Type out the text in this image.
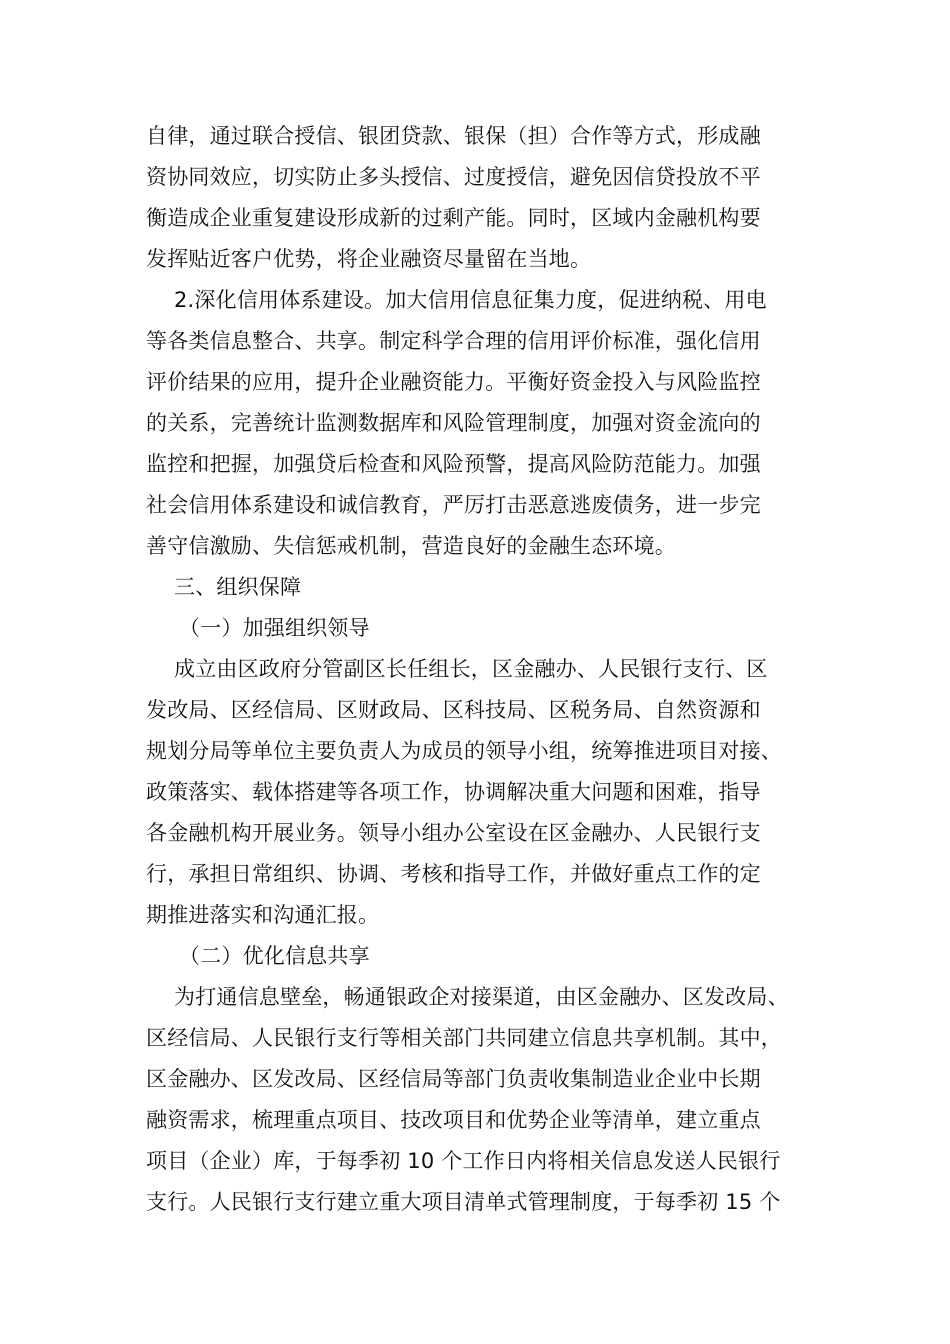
自律，通过联合授信、银团贷款、银保（担）合作等方式，形成融
资协同效应，切实防止多头授信、过度授信，避免因信贷投放不平
衡造成企业重复建设形成新的过剩产能。同时，区域内金融机构要
发挥贴近客户优势，将企业融资尽量留在当地。
2.深化信用体系建设。加大信用信息征集力度，促进纳税、用电
等各类信息整合、共享。制定科学合理的信用评价标准，强化信用
评价结果的应用，提升企业融资能力。平衡好资金投入与风险监控
的关系，完善统计监测数据库和风险管理制度，加强对资金流向的
监控和把握，加强贷后检查和风险预警，提高风险防范能力。加强
社会信用体系建设和诚信教育，严厉打击恶意逃废债务，进一步完
善守信激励、失信惩戒机制，营造良好的金融生态环境。
三、组织保障
（一）加强组织领导
成立由区政府分管副区长任组长，区金融办、人民银行支行、区
发改局、区经信局、区财政局、区科技局、区税务局、自然资源和
规划分局等单位主要负责人为成员的领导小组，统筹推进项目对接、
政策落实、载体搭建等各项工作，协调解决重大问题和困难，指导
各金融机构开展业务。领导小组办公室设在区金融办、人民银行支
行，承担日常组织、协调、考核和指导工作，并做好重点工作的定
期推进落实和沟通汇报。
（二）优化信息共享
为打通信息壁垒，畅通银政企对接渠道，由区金融办、区发改局、
区经信局、人民银行支行等相关部门共同建立信息共享机制。其中，
区金融办、区发改局、区经信局等部门负责收集制造业企业中长期
融资需求，梳理重点项目、技改项目和优势企业等清单，建立重点
项目（企业）库，于每季初 10 个工作日内将相关信息发送人民银行
支行。人民银行支行建立重大项目清单式管理制度，于每季初 15 个
